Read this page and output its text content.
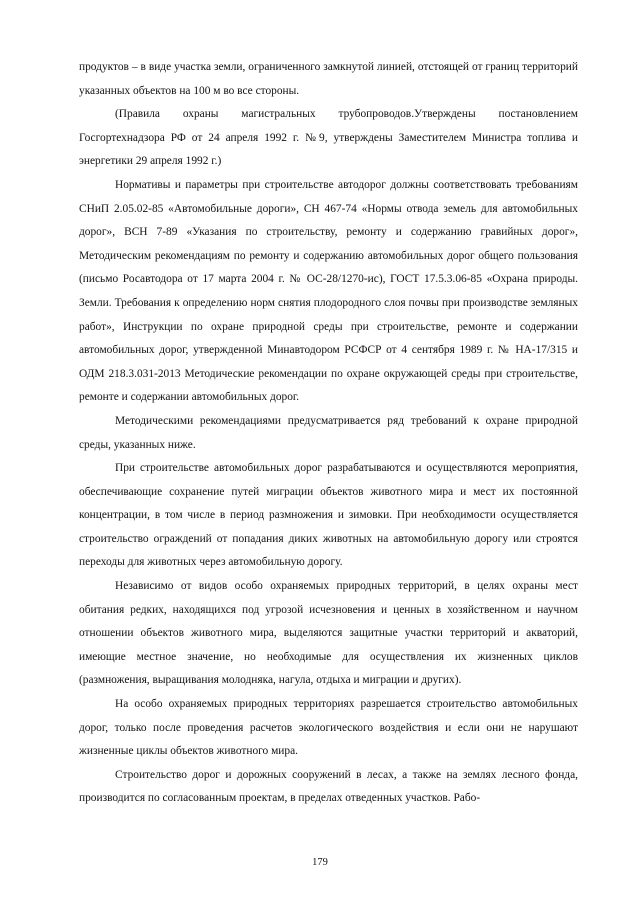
продуктов – в виде участка земли, ограниченного замкнутой линией, отстоящей от границ территорий указанных объектов на 100 м во все стороны.

(Правила охраны магистральных трубопроводов.Утверждены постановлением Госгортехнадзора РФ от 24 апреля 1992 г. №9, утверждены Заместителем Министра топлива и энергетики 29 апреля 1992 г.)

Нормативы и параметры при строительстве автодорог должны соответствовать требованиям СНиП 2.05.02-85 «Автомобильные дороги», СН 467-74 «Нормы отвода земель для автомобильных дорог», ВСН 7-89 «Указания по строительству, ремонту и содержанию гравийных дорог», Методическим рекомендациям по ремонту и содержанию автомобильных дорог общего пользования (письмо Росавтодора от 17 марта 2004 г. № ОС-28/1270-ис), ГОСТ 17.5.3.06-85 «Охрана природы. Земли. Требования к определению норм снятия плодородного слоя почвы при производстве земляных работ», Инструкции по охране природной среды при строительстве, ремонте и содержании автомобильных дорог, утвержденной Минавтодором РСФСР от 4 сентября 1989 г. № НА-17/315 и ОДМ 218.3.031-2013 Методические рекомендации по охране окружающей среды при строительстве, ремонте и содержании автомобильных дорог.

Методическими рекомендациями предусматривается ряд требований к охране природной среды, указанных ниже.

При строительстве автомобильных дорог разрабатываются и осуществляются мероприятия, обеспечивающие сохранение путей миграции объектов животного мира и мест их постоянной концентрации, в том числе в период размножения и зимовки. При необходимости осуществляется строительство ограждений от попадания диких животных на автомобильную дорогу или строятся переходы для животных через автомобильную дорогу.

Независимо от видов особо охраняемых природных территорий, в целях охраны мест обитания редких, находящихся под угрозой исчезновения и ценных в хозяйственном и научном отношении объектов животного мира, выделяются защитные участки территорий и акваторий, имеющие местное значение, но необходимые для осуществления их жизненных циклов (размножения, выращивания молодняка, нагула, отдыха и миграции и других).

На особо охраняемых природных территориях разрешается строительство автомобильных дорог, только после проведения расчетов экологического воздействия и если они не нарушают жизненные циклы объектов животного мира.

Строительство дорог и дорожных сооружений в лесах, а также на землях лесного фонда, производится по согласованным проектам, в пределах отведенных участков. Рабо-

179
